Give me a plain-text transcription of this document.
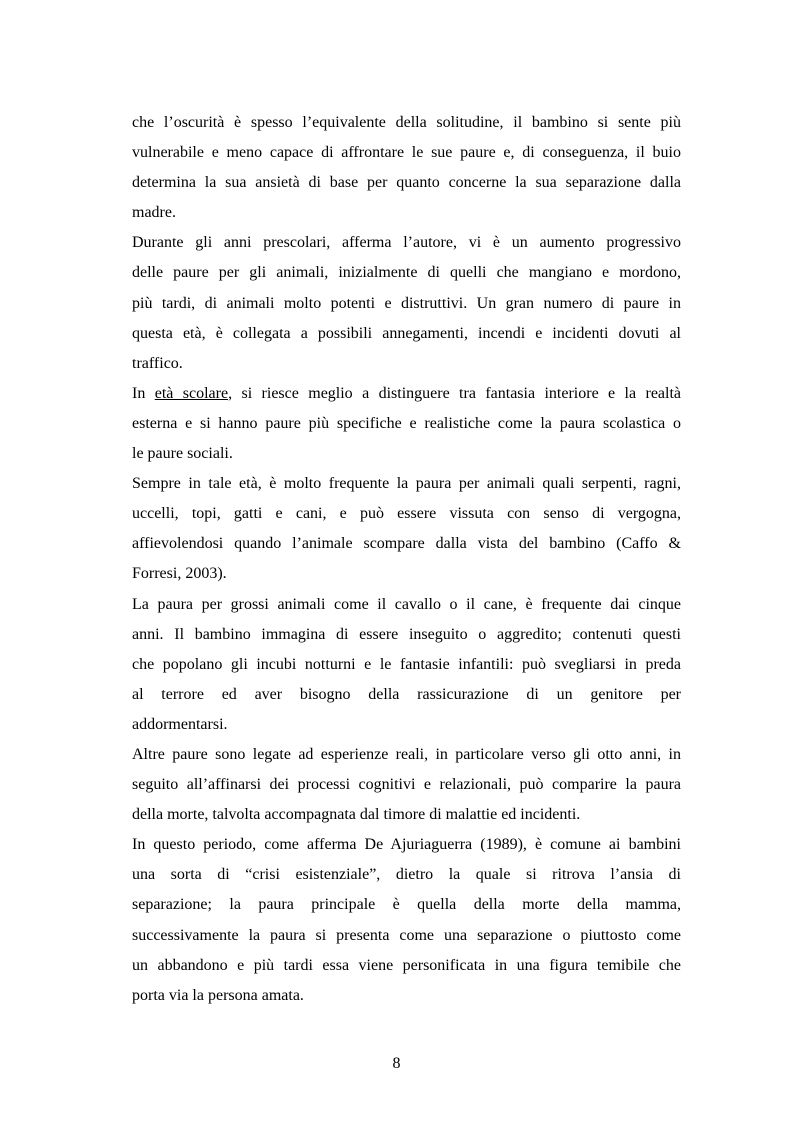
che l’oscurità è spesso l’equivalente della solitudine, il bambino si sente più
vulnerabile e meno capace di affrontare le sue paure e, di conseguenza, il buio
determina la sua ansietà di base per quanto concerne la sua separazione dalla
madre.
Durante gli anni prescolari, afferma l’autore, vi è un aumento progressivo
delle paure per gli animali, inizialmente di quelli che mangiano e mordono,
più tardi, di animali molto potenti e distruttivi. Un gran numero di paure in
questa età, è collegata a possibili annegamenti, incendi e incidenti dovuti al
traffico.
In età scolare, si riesce meglio a distinguere tra fantasia interiore e la realtà
esterna e si hanno paure più specifiche e realistiche come la paura scolastica o
le paure sociali.
Sempre in tale età, è molto frequente la paura per animali quali serpenti, ragni,
uccelli, topi, gatti e cani, e può essere vissuta con senso di vergogna,
affievolendosi quando l’animale scompare dalla vista del bambino (Caffo &
Forresi, 2003).
La paura per grossi animali come il cavallo o il cane, è frequente dai cinque
anni. Il bambino immagina di essere inseguito o aggredito; contenuti questi
che popolano gli incubi notturni e le fantasie infantili: può svegliarsi in preda
al terrore ed aver bisogno della rassicurazione di un genitore per
addormentarsi.
Altre paure sono legate ad esperienze reali, in particolare verso gli otto anni, in
seguito all’affinarsi dei processi cognitivi e relazionali, può comparire la paura
della morte, talvolta accompagnata dal timore di malattie ed incidenti.
In questo periodo, come afferma De Ajuriaguerra (1989), è comune ai bambini
una sorta di “crisi esistenziale”, dietro la quale si ritrova l’ansia di
separazione; la paura principale è quella della morte della mamma,
successivamente la paura si presenta come una separazione o piuttosto come
un abbandono e più tardi essa viene personificata in una figura temibile che
porta via la persona amata.
8
